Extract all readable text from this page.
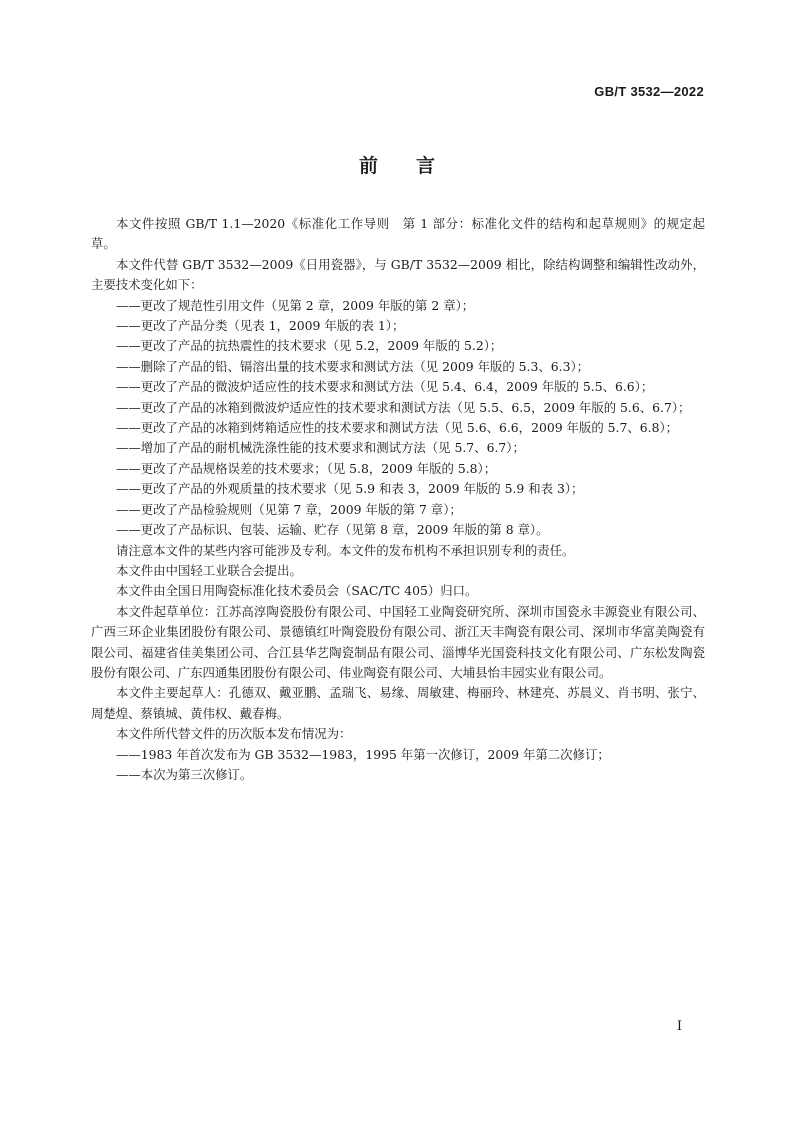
GB/T 3532—2022
前 言

本文件按照 GB/T 1.1—2020《标准化工作导则　第 1 部分：标准化文件的结构和起草规则》的规定起草。

本文件代替 GB/T 3532—2009《日用瓷器》，与 GB/T 3532—2009 相比，除结构调整和编辑性改动外，主要技术变化如下：

——更改了规范性引用文件（见第 2 章，2009 年版的第 2 章）；

——更改了产品分类（见表 1，2009 年版的表 1）；

——更改了产品的抗热震性的技术要求（见 5.2，2009 年版的 5.2）；

——删除了产品的铅、镉溶出量的技术要求和测试方法（见 2009 年版的 5.3、6.3）；

——更改了产品的微波炉适应性的技术要求和测试方法（见 5.4、6.4，2009 年版的 5.5、6.6）；

——更改了产品的冰箱到微波炉适应性的技术要求和测试方法（见 5.5、6.5，2009 年版的 5.6、6.7）；

——更改了产品的冰箱到烤箱适应性的技术要求和测试方法（见 5.6、6.6，2009 年版的 5.7、6.8）；

——增加了产品的耐机械洗涤性能的技术要求和测试方法（见 5.7、6.7）；

——更改了产品规格误差的技术要求；（见 5.8，2009 年版的 5.8）；

——更改了产品的外观质量的技术要求（见 5.9 和表 3，2009 年版的 5.9 和表 3）；

——更改了产品检验规则（见第 7 章，2009 年版的第 7 章）；

——更改了产品标识、包装、运输、贮存（见第 8 章，2009 年版的第 8 章）。

请注意本文件的某些内容可能涉及专利。本文件的发布机构不承担识别专利的责任。

本文件由中国轻工业联合会提出。

本文件由全国日用陶瓷标准化技术委员会（SAC/TC 405）归口。

本文件起草单位：江苏高淳陶瓷股份有限公司、中国轻工业陶瓷研究所、深圳市国瓷永丰源瓷业有限公司、广西三环企业集团股份有限公司、景德镇红叶陶瓷股份有限公司、浙江天丰陶瓷有限公司、深圳市华富美陶瓷有限公司、福建省佳美集团公司、合江县华艺陶瓷制品有限公司、淄博华光国瓷科技文化有限公司、广东松发陶瓷股份有限公司、广东四通集团股份有限公司、伟业陶瓷有限公司、大埔县怡丰园实业有限公司。

本文件主要起草人：孔德双、戴亚鹏、孟瑞飞、易缘、周敏建、梅丽玲、林建亮、苏晨义、肖书明、张宁、周楚煌、蔡镇城、黄伟权、戴春梅。

本文件所代替文件的历次版本发布情况为：

——1983 年首次发布为 GB 3532—1983，1995 年第一次修订，2009 年第二次修订；

——本次为第三次修订。

I
